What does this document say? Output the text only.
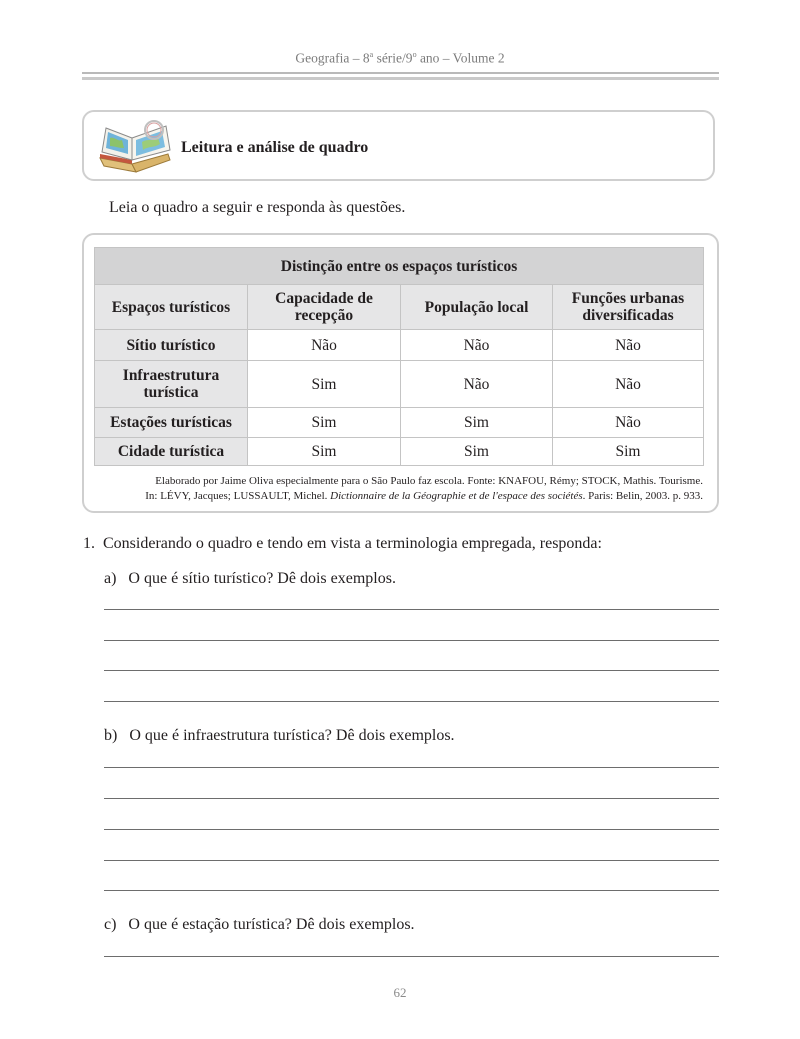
Geografia – 8$^a$ série/9$^o$ ano – Volume 2
Leitura e análise de quadro
Leia o quadro a seguir e responda às questões.
Distinção entre os espaços turísticos			
Espaços turísticos	Capacidade de recepção	População local	Funções urbanas diversificadas
Sítio turístico	Não	Não	Não
Infraestrutura turística	Sim	Não	Não
Estações turísticas	Sim	Sim	Não
Cidade turística	Sim	Sim	Sim
Elaborado por Jaime Oliva especialmente para o São Paulo faz escola. Fonte: KNAFOU, Rémy; STOCK, Mathis. Tourisme.
In: LÉVY, Jacques; LUSSAULT, Michel. Dictionnaire de la Géographie et de l'espace des sociétés. Paris: Belin, 2003. p. 933.
1.  Considerando o quadro e tendo em vista a terminologia empregada, responda:
a)   O que é sítio turístico? Dê dois exemplos.
b)   O que é infraestrutura turística? Dê dois exemplos.
c)   O que é estação turística? Dê dois exemplos.
62
